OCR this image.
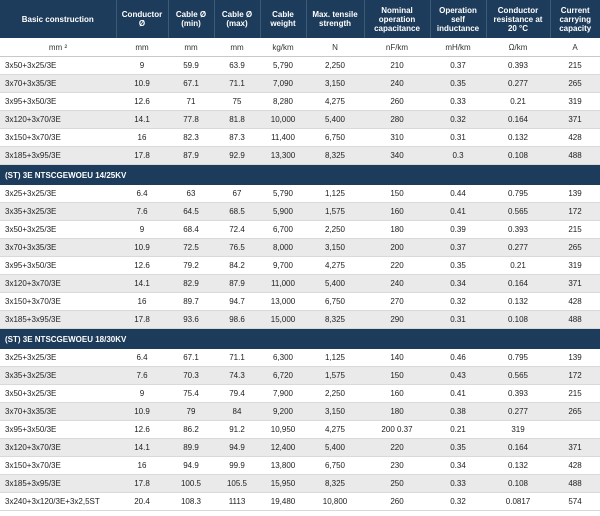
Basic construction	Conductor Ø	Cable Ø (min)	Cable Ø (max)	Cable weight	Max. tensile strength	Nominal operation capacitance	Operation self inductance	Conductor resistance at 20 °C	Current carrying capacity
mm ²	mm	mm	mm	kg/km	N	nF/km	mH/km	Ω/km	A
3x50+3x25/3E	9	59.9	63.9	5,790	2,250	210	0.37	0.393	215
3x70+3x35/3E	10.9	67.1	71.1	7,090	3,150	240	0.35	0.277	265
3x95+3x50/3E	12.6	71	75	8,280	4,275	260	0.33	0.21	319
3x120+3x70/3E	14.1	77.8	81.8	10,000	5,400	280	0.32	0.164	371
3x150+3x70/3E	16	82.3	87.3	11,400	6,750	310	0.31	0.132	428
3x185+3x95/3E	17.8	87.9	92.9	13,300	8,325	340	0.3	0.108	488
(ST) 3E NTSCGEWOEU 14/25KV									
3x25+3x25/3E	6.4	63	67	5,790	1,125	150	0.44	0.795	139
3x35+3x25/3E	7.6	64.5	68.5	5,900	1,575	160	0.41	0.565	172
3x50+3x25/3E	9	68.4	72.4	6,700	2,250	180	0.39	0.393	215
3x70+3x35/3E	10.9	72.5	76.5	8,000	3,150	200	0.37	0.277	265
3x95+3x50/3E	12.6	79.2	84.2	9,700	4,275	220	0.35	0.21	319
3x120+3x70/3E	14.1	82.9	87.9	11,000	5,400	240	0.34	0.164	371
3x150+3x70/3E	16	89.7	94.7	13,000	6,750	270	0.32	0.132	428
3x185+3x95/3E	17.8	93.6	98.6	15,000	8,325	290	0.31	0.108	488
(ST) 3E NTSCGEWOEU 18/30KV									
3x25+3x25/3E	6.4	67.1	71.1	6,300	1,125	140	0.46	0.795	139
3x35+3x25/3E	7.6	70.3	74.3	6,720	1,575	150	0.43	0.565	172
3x50+3x25/3E	9	75.4	79.4	7,900	2,250	160	0.41	0.393	215
3x70+3x35/3E	10.9	79	84	9,200	3,150	180	0.38	0.277	265
3x95+3x50/3E	12.6	86.2	91.2	10,950	4,275	200 0.37	0.21	319	
3x120+3x70/3E	14.1	89.9	94.9	12,400	5,400	220	0.35	0.164	371
3x150+3x70/3E	16	94.9	99.9	13,800	6,750	230	0.34	0.132	428
3x185+3x95/3E	17.8	100.5	105.5	15,950	8,325	250	0.33	0.108	488
3x240+3x120/3E+3x2,5ST	20.4	108.3	1113	19,480	10,800	260	0.32	0.0817	574
